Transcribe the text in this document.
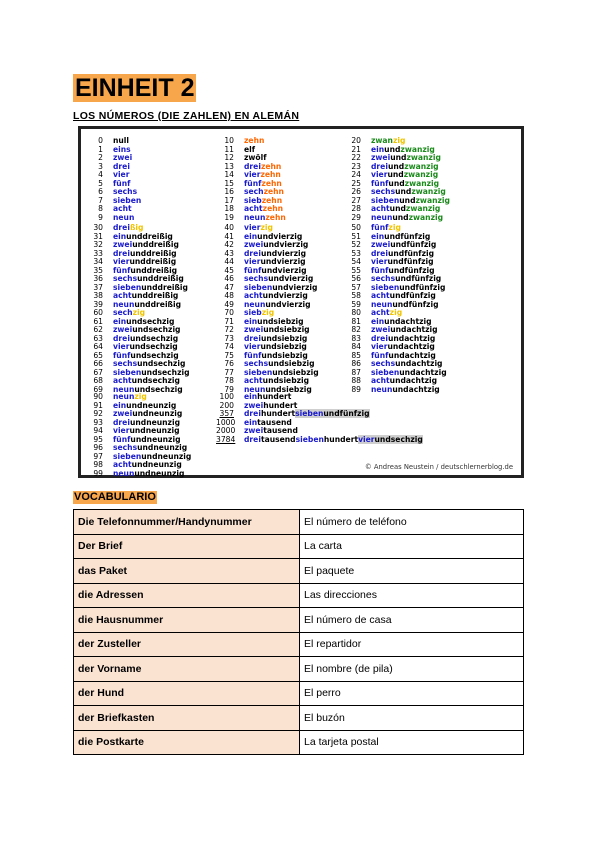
EINHEIT 2
LOS NÚMEROS (DIE ZAHLEN) EN ALEMÁN
0 null
1 eins
2 zwei
3 drei
4 vier
5 fünf
6 sechs
7 sieben
8 acht
9 neun
10 zehn
11 elf
12 zwölf
13 dreizehn
14 vierzehn
15 fünfzehn
16 sechzehn
17 siebzehn
18 achtzehn
19 neunzehn
20 zwanzig
21 einundzwanzig
22 zweiundzwanzig
23 dreiundzwanzig
24 vierundzwanzig
25 fünfundzwanzig
26 sechsundzwanzig
27 siebenundzwanzig
28 achtundzwanzig
29 neunundzwanzig
30 dreißig
31 einunddreißig
32 zweiunddreißig
33 dreiunddreißig
34 vierunddreißig
35 fünfunddreißig
36 sechsunddreißig
37 siebenunddreißig
38 achtunddreißig
39 neununddreißig
40 vierzig
41 einundvierzig
42 zweiundvierzig
43 dreiundvierzig
44 vierundvierzig
45 fünfundvierzig
46 sechsundvierzig
47 siebenundvierzig
48 achtundvierzig
49 neunundvierzig
50 fünfzig
51 einundfünfzig
52 zweiundfünfzig
53 dreiundfünfzig
54 vierundfünfzig
55 fünfundfünfzig
56 sechsundfünfzig
57 siebenundfünfzig
58 achtundfünfzig
59 neunundfünfzig
60 sechzig
61 einundsechzig
62 zweiundsechzig
63 dreiundsechzig
64 vierundsechzig
65 fünfundsechzig
66 sechsundsechzig
67 siebenundsechzig
68 achtundsechzig
69 neunundsechzig
70 siebzig
71 einundsiebzig
72 zweiundsiebzig
73 dreiundsiebzig
74 vierundsiebzig
75 fünfundsiebzig
76 sechsundsiebzig
77 siebenundsiebzig
78 achtundsiebzig
79 neunundsiebzig
80 achtzig
81 einundachtzig
82 zweiundachtzig
83 dreiundachtzig
84 vierundachtzig
85 fünfundachtzig
86 sechsundachtzig
87 siebenundachtzig
88 achtundachtzig
89 neunundachtzig
90 neunzig
91 einundneunzig
92 zweiundneunzig
93 dreiundneunzig
94 vierundneunzig
95 fünfundneunzig
96 sechsundneunzig
97 siebenundneunzig
98 achtundneunzig
99 neunundneunzig
100 einhundert
200 zweihundert
357 dreihundertsiebenundfünfzig
1000 eintausend
2000 zweitausend
3784 dreitausendsiebenhundertvierundsechzig
© Andreas Neustein / deutschlernerblog.de
VOCABULARIO
Die Telefonnummer/Handynummer	El número de teléfono
Der Brief	La carta
das Paket	El paquete
die Adressen	Las direcciones
die Hausnummer	El número de casa
der Zusteller	El repartidor
der Vorname	El nombre (de pila)
der Hund	El perro
der Briefkasten	El buzón
die Postkarte	La tarjeta postal
